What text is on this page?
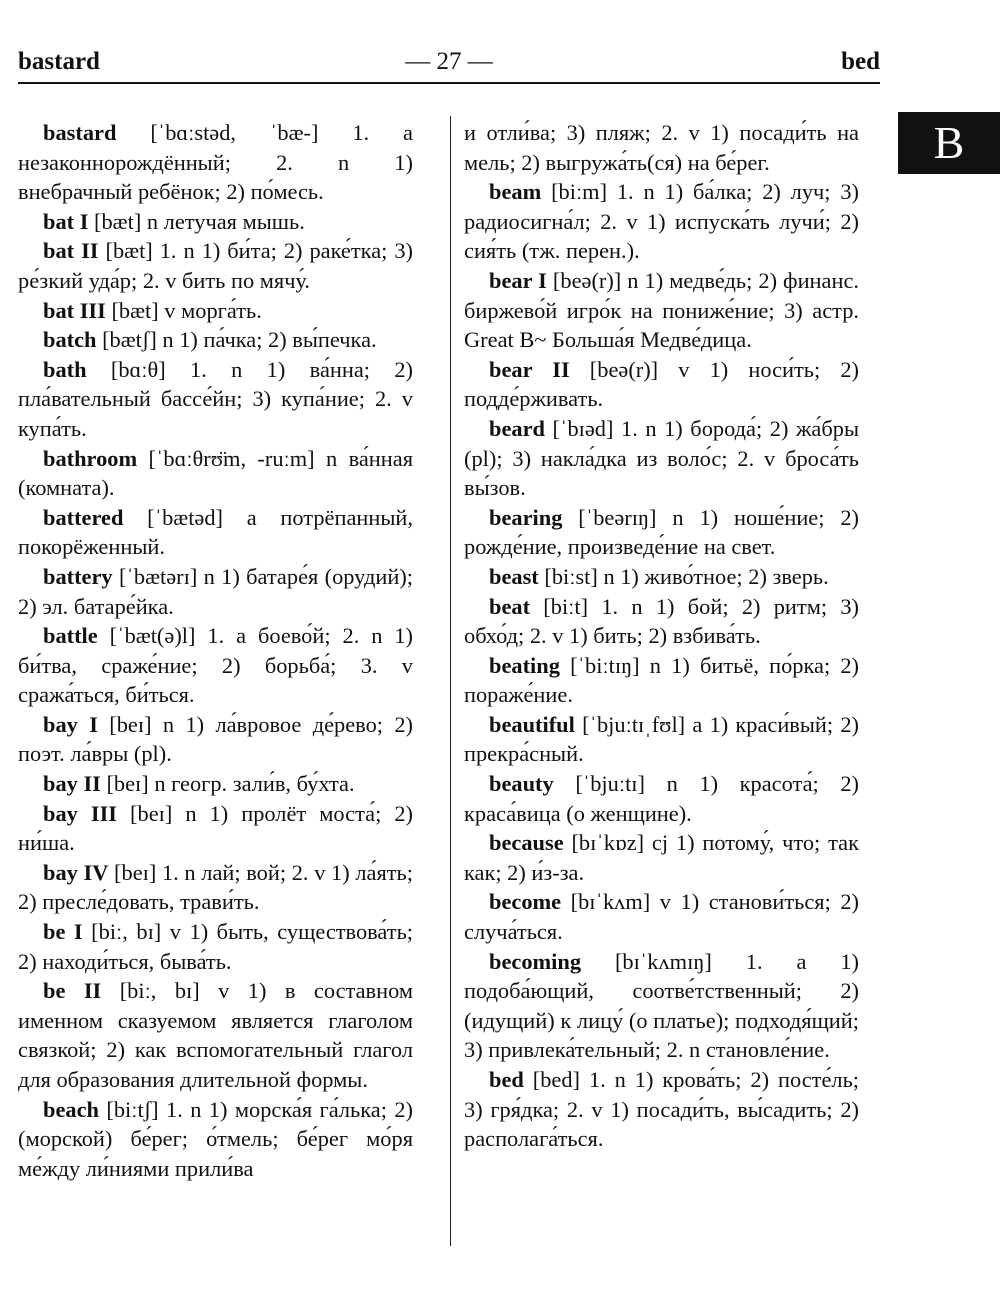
bastard	— 27 —	bed
B

bastard [ˈbɑːstəd, ˈbæ-] 1. a незаконнорождённый; 2. n 1) внебрачный ребёнок; 2) по́месь.

bat I [bæt] n летучая мышь.

bat II [bæt] 1. n 1) би́та; 2) раке́тка; 3) ре́зкий уда́р; 2. v бить по мячу́.

bat III [bæt] v морга́ть.

batch [bætʃ] n 1) па́чка; 2) вы́печка.

bath [bɑːθ] 1. n 1) ва́нна; 2) пла́вательный бассе́йн; 3) купа́ние; 2. v купа́ть.

bathroom [ˈbɑːθrʊ̈m, -ruːm] n ва́нная (комната).

battered [ˈbætəd] a потрёпанный, покорёженный.

battery [ˈbætərɪ] n 1) батаре́я (орудий); 2) эл. батаре́йка.

battle [ˈbæt(ə)l] 1. a боево́й; 2. n 1) би́тва, сраже́ние; 2) борьба́; 3. v сража́ться, би́ться.

bay I [beɪ] n 1) ла́вровое де́рево; 2) поэт. ла́вры (pl).

bay II [beɪ] n геогр. зали́в, бу́хта.

bay III [beɪ] n 1) пролёт моста́; 2) ни́ша.

bay IV [beɪ] 1. n лай; вой; 2. v 1) ла́ять; 2) пресле́довать, трави́ть.

be I [biː, bɪ] v 1) быть, существова́ть; 2) находи́ться, быва́ть.

be II [biː, bɪ] v 1) в составном именном сказуемом является глаголом связкой; 2) как вспомогательный глагол для образования длительной формы.

beach [biːtʃ] 1. n 1) морска́я га́лька; 2) (морской) бе́рег; о́тмель; бе́рег мо́ря ме́жду ли́ниями прили́ва

и отли́ва; 3) пляж; 2. v 1) посади́ть на мель; 2) выгружа́ть(ся) на бе́рег.

beam [biːm] 1. n 1) ба́лка; 2) луч; 3) радиосигна́л; 2. v 1) испуска́ть лучи́; 2) сия́ть (тж. перен.).

bear I [beə(r)] n 1) медве́дь; 2) финанс. биржево́й игро́к на пониже́ние; 3) астр. Great B~ Больша́я Медве́дица.

bear II [beə(r)] v 1) носи́ть; 2) подде́рживать.

beard [ˈbɪəd] 1. n 1) борода́; 2) жа́бры (pl); 3) накла́дка из воло́с; 2. v броса́ть вы́зов.

bearing [ˈbeərɪŋ] n 1) ноше́ние; 2) рожде́ние, произведе́ние на свет.

beast [biːst] n 1) живо́тное; 2) зверь.

beat [biːt] 1. n 1) бой; 2) ритм; 3) обхо́д; 2. v 1) бить; 2) взбива́ть.

beating [ˈbiːtɪŋ] n 1) битьё, по́рка; 2) пораже́ние.

beautiful [ˈbjuːtɪˌfʊl] a 1) краси́вый; 2) прекра́сный.

beauty [ˈbjuːtɪ] n 1) красота́; 2) краса́вица (о женщине).

because [bɪˈkɒz] cj 1) потому́, что; так как; 2) и́з-за.

become [bɪˈkʌm] v 1) станови́ться; 2) случа́ться.

becoming [bɪˈkʌmɪŋ] 1. a 1) подоба́ющий, соотве́тственный; 2) (идущий) к лицу́ (о платье); подходя́щий; 3) привлека́тельный; 2. n становле́ние.

bed [bed] 1. n 1) крова́ть; 2) посте́ль; 3) гря́дка; 2. v 1) посади́ть, вы́садить; 2) располага́ться.
